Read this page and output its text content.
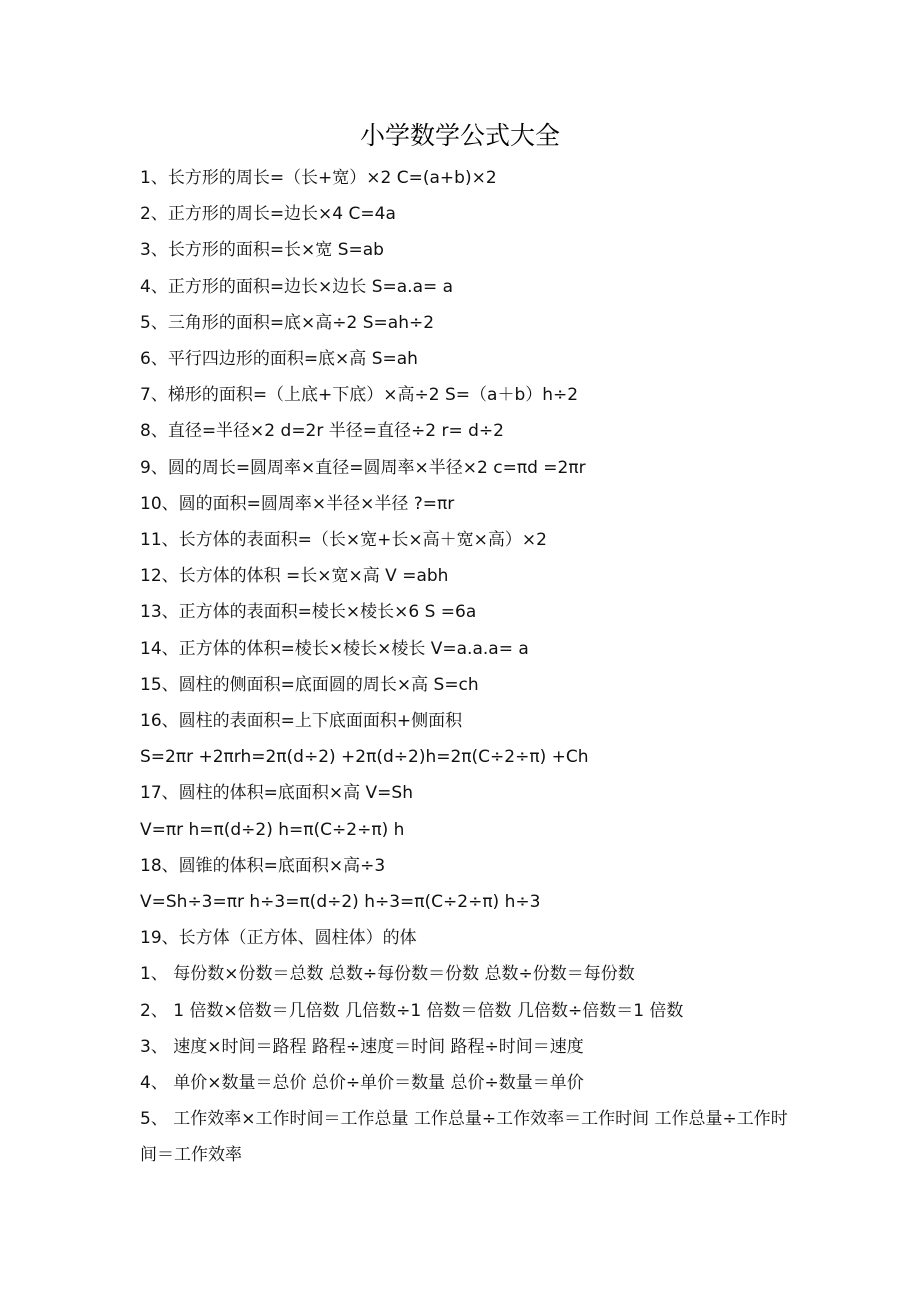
小学数学公式大全
1、长方形的周长=（长+宽）×2 C=(a+b)×2
2、正方形的周长=边长×4 C=4a
3、长方形的面积=长×宽 S=ab
4、正方形的面积=边长×边长 S=a.a= a
5、三角形的面积=底×高÷2 S=ah÷2
6、平行四边形的面积=底×高 S=ah
7、梯形的面积=（上底+下底）×高÷2 S=（a＋b）h÷2
8、直径=半径×2 d=2r 半径=直径÷2 r= d÷2
9、圆的周长=圆周率×直径=圆周率×半径×2 c=πd =2πr
10、圆的面积=圆周率×半径×半径 ?=πr
11、长方体的表面积=（长×宽+长×高＋宽×高）×2
12、长方体的体积 =长×宽×高 V =abh
13、正方体的表面积=棱长×棱长×6 S =6a
14、正方体的体积=棱长×棱长×棱长 V=a.a.a= a
15、圆柱的侧面积=底面圆的周长×高 S=ch
16、圆柱的表面积=上下底面面积+侧面积
S=2πr +2πrh=2π(d÷2) +2π(d÷2)h=2π(C÷2÷π) +Ch
17、圆柱的体积=底面积×高 V=Sh
V=πr h=π(d÷2) h=π(C÷2÷π) h
18、圆锥的体积=底面积×高÷3
V=Sh÷3=πr h÷3=π(d÷2) h÷3=π(C÷2÷π) h÷3
19、长方体（正方体、圆柱体）的体
1、 每份数×份数＝总数 总数÷每份数＝份数 总数÷份数＝每份数
2、 1 倍数×倍数＝几倍数 几倍数÷1 倍数＝倍数 几倍数÷倍数＝1 倍数
3、 速度×时间＝路程 路程÷速度＝时间 路程÷时间＝速度
4、 单价×数量＝总价 总价÷单价＝数量 总价÷数量＝单价
5、 工作效率×工作时间＝工作总量 工作总量÷工作效率＝工作时间 工作总量÷工作时间＝工作效率
